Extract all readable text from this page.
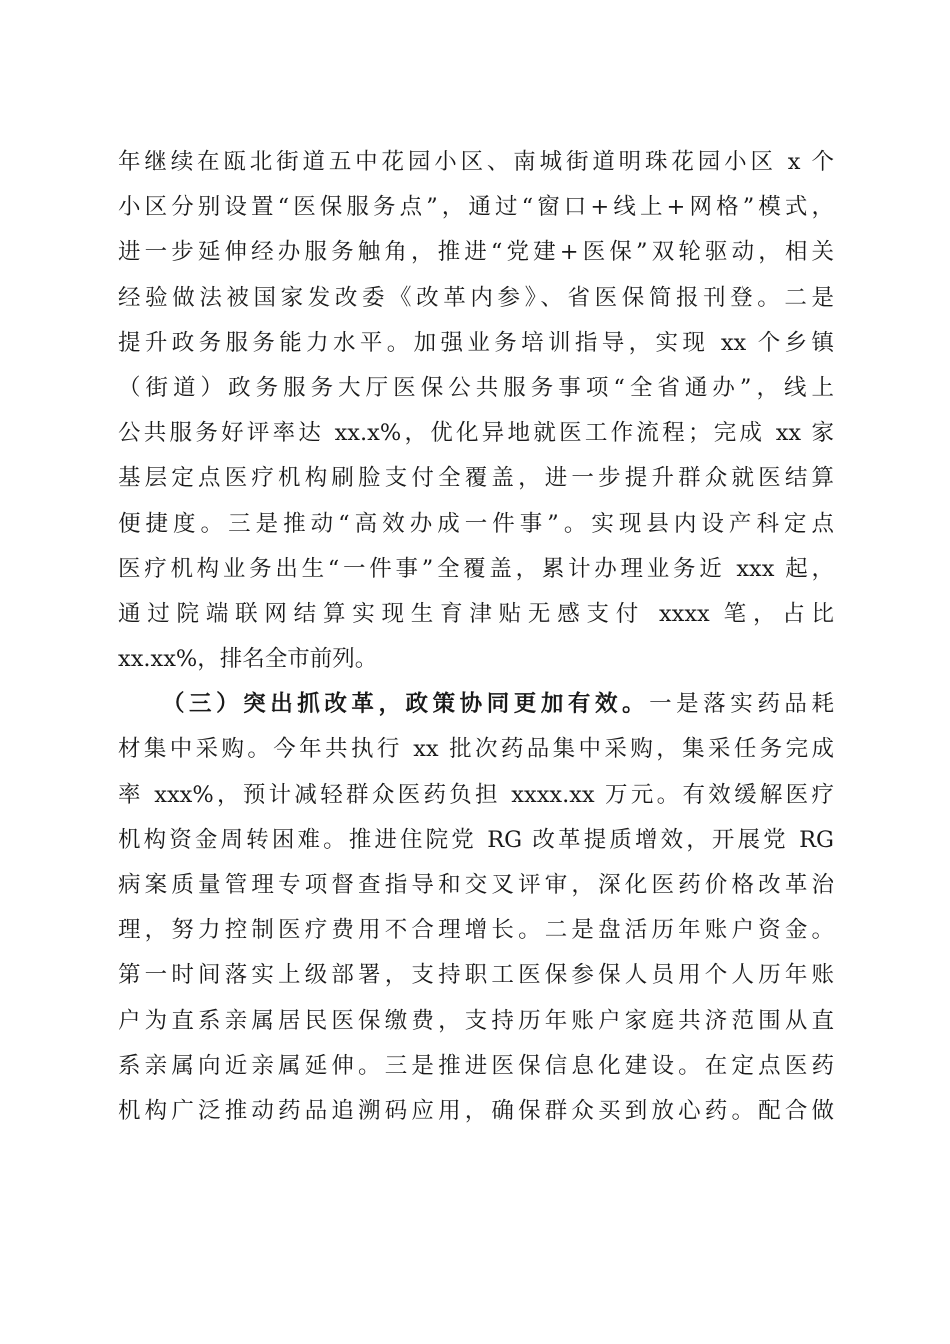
年继续在瓯北街道五中花园小区、南城街道明珠花园小区 x 个
小区分别设置“医保服务点”，通过“窗口+线上+网格”模式，
进一步延伸经办服务触角，推进“党建+医保”双轮驱动，相关
经验做法被国家发改委《改革内参》、省医保简报刊登。二是
提升政务服务能力水平。加强业务培训指导，实现 xx 个乡镇
（街道）政务服务大厅医保公共服务事项“全省通办”，线上
公共服务好评率达 xx.x%，优化异地就医工作流程；完成 xx 家
基层定点医疗机构刷脸支付全覆盖，进一步提升群众就医结算
便捷度。三是推动“高效办成一件事”。实现县内设产科定点
医疗机构业务出生“一件事”全覆盖，累计办理业务近 xxx 起，
通过院端联网结算实现生育津贴无感支付 xxxx 笔，占比
xx.xx%，排名全市前列。
（三）突出抓改革，政策协同更加有效。一是落实药品耗
材集中采购。今年共执行 xx 批次药品集中采购，集采任务完成
率 xxx%，预计减轻群众医药负担 xxxx.xx 万元。有效缓解医疗
机构资金周转困难。推进住院党 RG 改革提质增效，开展党 RG
病案质量管理专项督查指导和交叉评审，深化医药价格改革治
理，努力控制医疗费用不合理增长。二是盘活历年账户资金。
第一时间落实上级部署，支持职工医保参保人员用个人历年账
户为直系亲属居民医保缴费，支持历年账户家庭共济范围从直
系亲属向近亲属延伸。三是推进医保信息化建设。在定点医药
机构广泛推动药品追溯码应用，确保群众买到放心药。配合做
